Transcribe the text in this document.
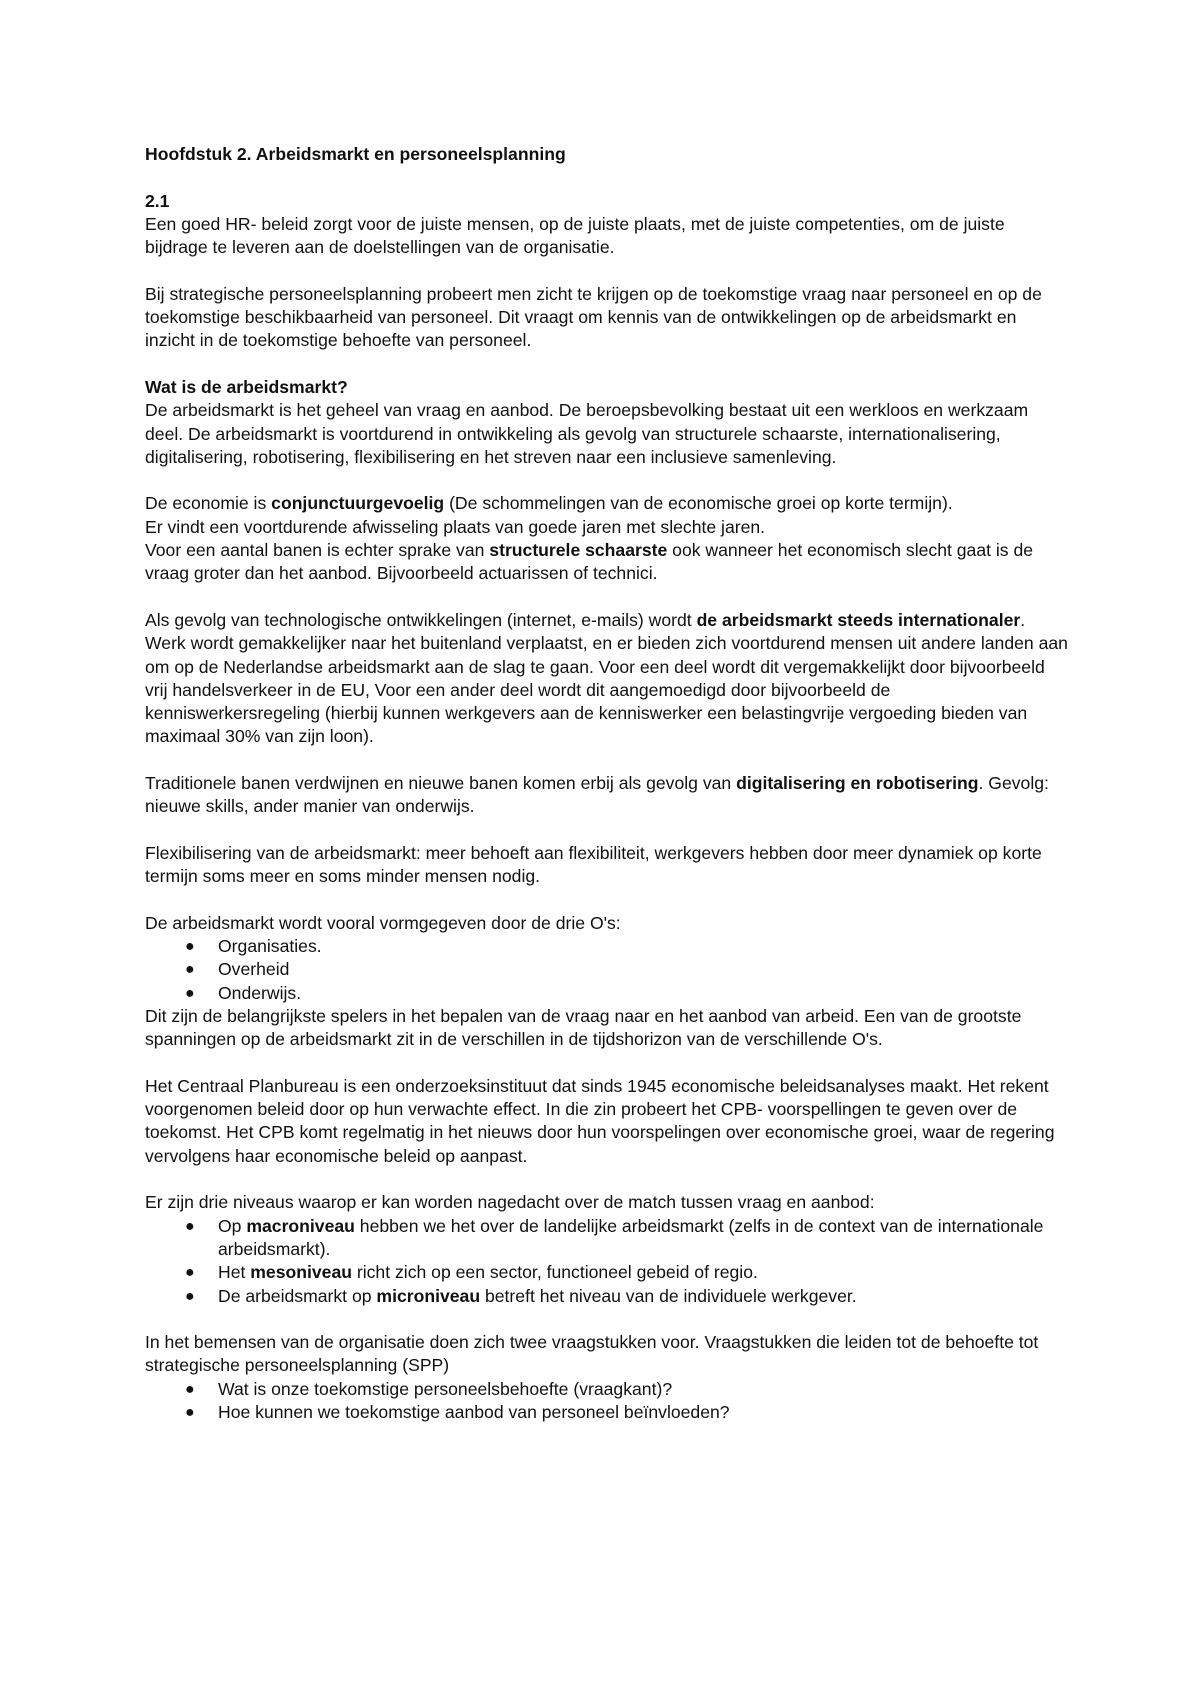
Hoofdstuk 2. Arbeidsmarkt en personeelsplanning

2.1

Een goed HR- beleid zorgt voor de juiste mensen, op de juiste plaats, met de juiste competenties, om de juiste bijdrage te leveren aan de doelstellingen van de organisatie.

Bij strategische personeelsplanning probeert men zicht te krijgen op de toekomstige vraag naar personeel en op de toekomstige beschikbaarheid van personeel. Dit vraagt om kennis van de ontwikkelingen op de arbeidsmarkt en inzicht in de toekomstige behoefte van personeel.

Wat is de arbeidsmarkt?

De arbeidsmarkt is het geheel van vraag en aanbod. De beroepsbevolking bestaat uit een werkloos en werkzaam deel. De arbeidsmarkt is voortdurend in ontwikkeling als gevolg van structurele schaarste, internationalisering, digitalisering, robotisering, flexibilisering en het streven naar een inclusieve samenleving.

De economie is conjunctuurgevoelig (De schommelingen van de economische groei op korte termijn).

Er vindt een voortdurende afwisseling plaats van goede jaren met slechte jaren.

Voor een aantal banen is echter sprake van structurele schaarste ook wanneer het economisch slecht gaat is de vraag groter dan het aanbod. Bijvoorbeeld actuarissen of technici.

Als gevolg van technologische ontwikkelingen (internet, e-mails) wordt de arbeidsmarkt steeds internationaler. Werk wordt gemakkelijker naar het buitenland verplaatst, en er bieden zich voortdurend mensen uit andere landen aan om op de Nederlandse arbeidsmarkt aan de slag te gaan. Voor een deel wordt dit vergemakkelijkt door bijvoorbeeld vrij handelsverkeer in de EU, Voor een ander deel wordt dit aangemoedigd door bijvoorbeeld de kenniswerkersregeling (hierbij kunnen werkgevers aan de kenniswerker een belastingvrije vergoeding bieden van maximaal 30% van zijn loon).

Traditionele banen verdwijnen en nieuwe banen komen erbij als gevolg van digitalisering en robotisering. Gevolg: nieuwe skills, ander manier van onderwijs.

Flexibilisering van de arbeidsmarkt: meer behoeft aan flexibiliteit, werkgevers hebben door meer dynamiek op korte termijn soms meer en soms minder mensen nodig.

De arbeidsmarkt wordt vooral vormgegeven door de drie O's:

● Organisaties.
● Overheid
● Onderwijs.

Dit zijn de belangrijkste spelers in het bepalen van de vraag naar en het aanbod van arbeid. Een van de grootste spanningen op de arbeidsmarkt zit in de verschillen in de tijdshorizon van de verschillende O's.

Het Centraal Planbureau is een onderzoeksinstituut dat sinds 1945 economische beleidsanalyses maakt. Het rekent voorgenomen beleid door op hun verwachte effect. In die zin probeert het CPB- voorspellingen te geven over de toekomst. Het CPB komt regelmatig in het nieuws door hun voorspelingen over economische groei, waar de regering vervolgens haar economische beleid op aanpast.

Er zijn drie niveaus waarop er kan worden nagedacht over de match tussen vraag en aanbod:

● Op macroniveau hebben we het over de landelijke arbeidsmarkt (zelfs in de context van de internationale arbeidsmarkt).
● Het mesoniveau richt zich op een sector, functioneel gebeid of regio.
● De arbeidsmarkt op microniveau betreft het niveau van de individuele werkgever.

In het bemensen van de organisatie doen zich twee vraagstukken voor. Vraagstukken die leiden tot de behoefte tot strategische personeelsplanning (SPP)

● Wat is onze toekomstige personeelsbehoefte (vraagkant)?
● Hoe kunnen we toekomstige aanbod van personeel beïnvloeden?
